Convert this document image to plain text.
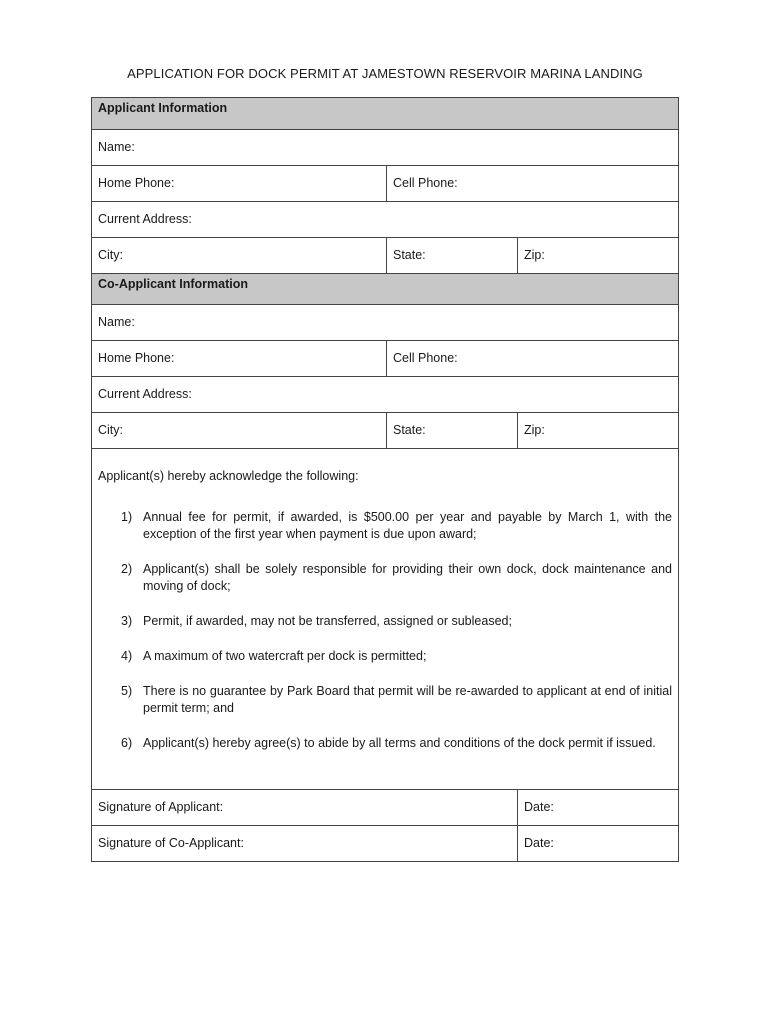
APPLICATION FOR DOCK PERMIT AT JAMESTOWN RESERVOIR MARINA LANDING
Applicant Information
Name:
Home Phone:	Cell Phone:
Current Address:
City:	State:	Zip:
Co-Applicant Information
Name:
Home Phone:	Cell Phone:
Current Address:
City:	State:	Zip:
Applicant(s) hereby acknowledge the following:
1) Annual fee for permit, if awarded, is $500.00 per year and payable by March 1, with the exception of the first year when payment is due upon award;
2) Applicant(s) shall be solely responsible for providing their own dock, dock maintenance and moving of dock;
3) Permit, if awarded, may not be transferred, assigned or subleased;
4) A maximum of two watercraft per dock is permitted;
5) There is no guarantee by Park Board that permit will be re-awarded to applicant at end of initial permit term; and
6) Applicant(s) hereby agree(s) to abide by all terms and conditions of the dock permit if issued.
Signature of Applicant:	Date:
Signature of Co-Applicant:	Date:
